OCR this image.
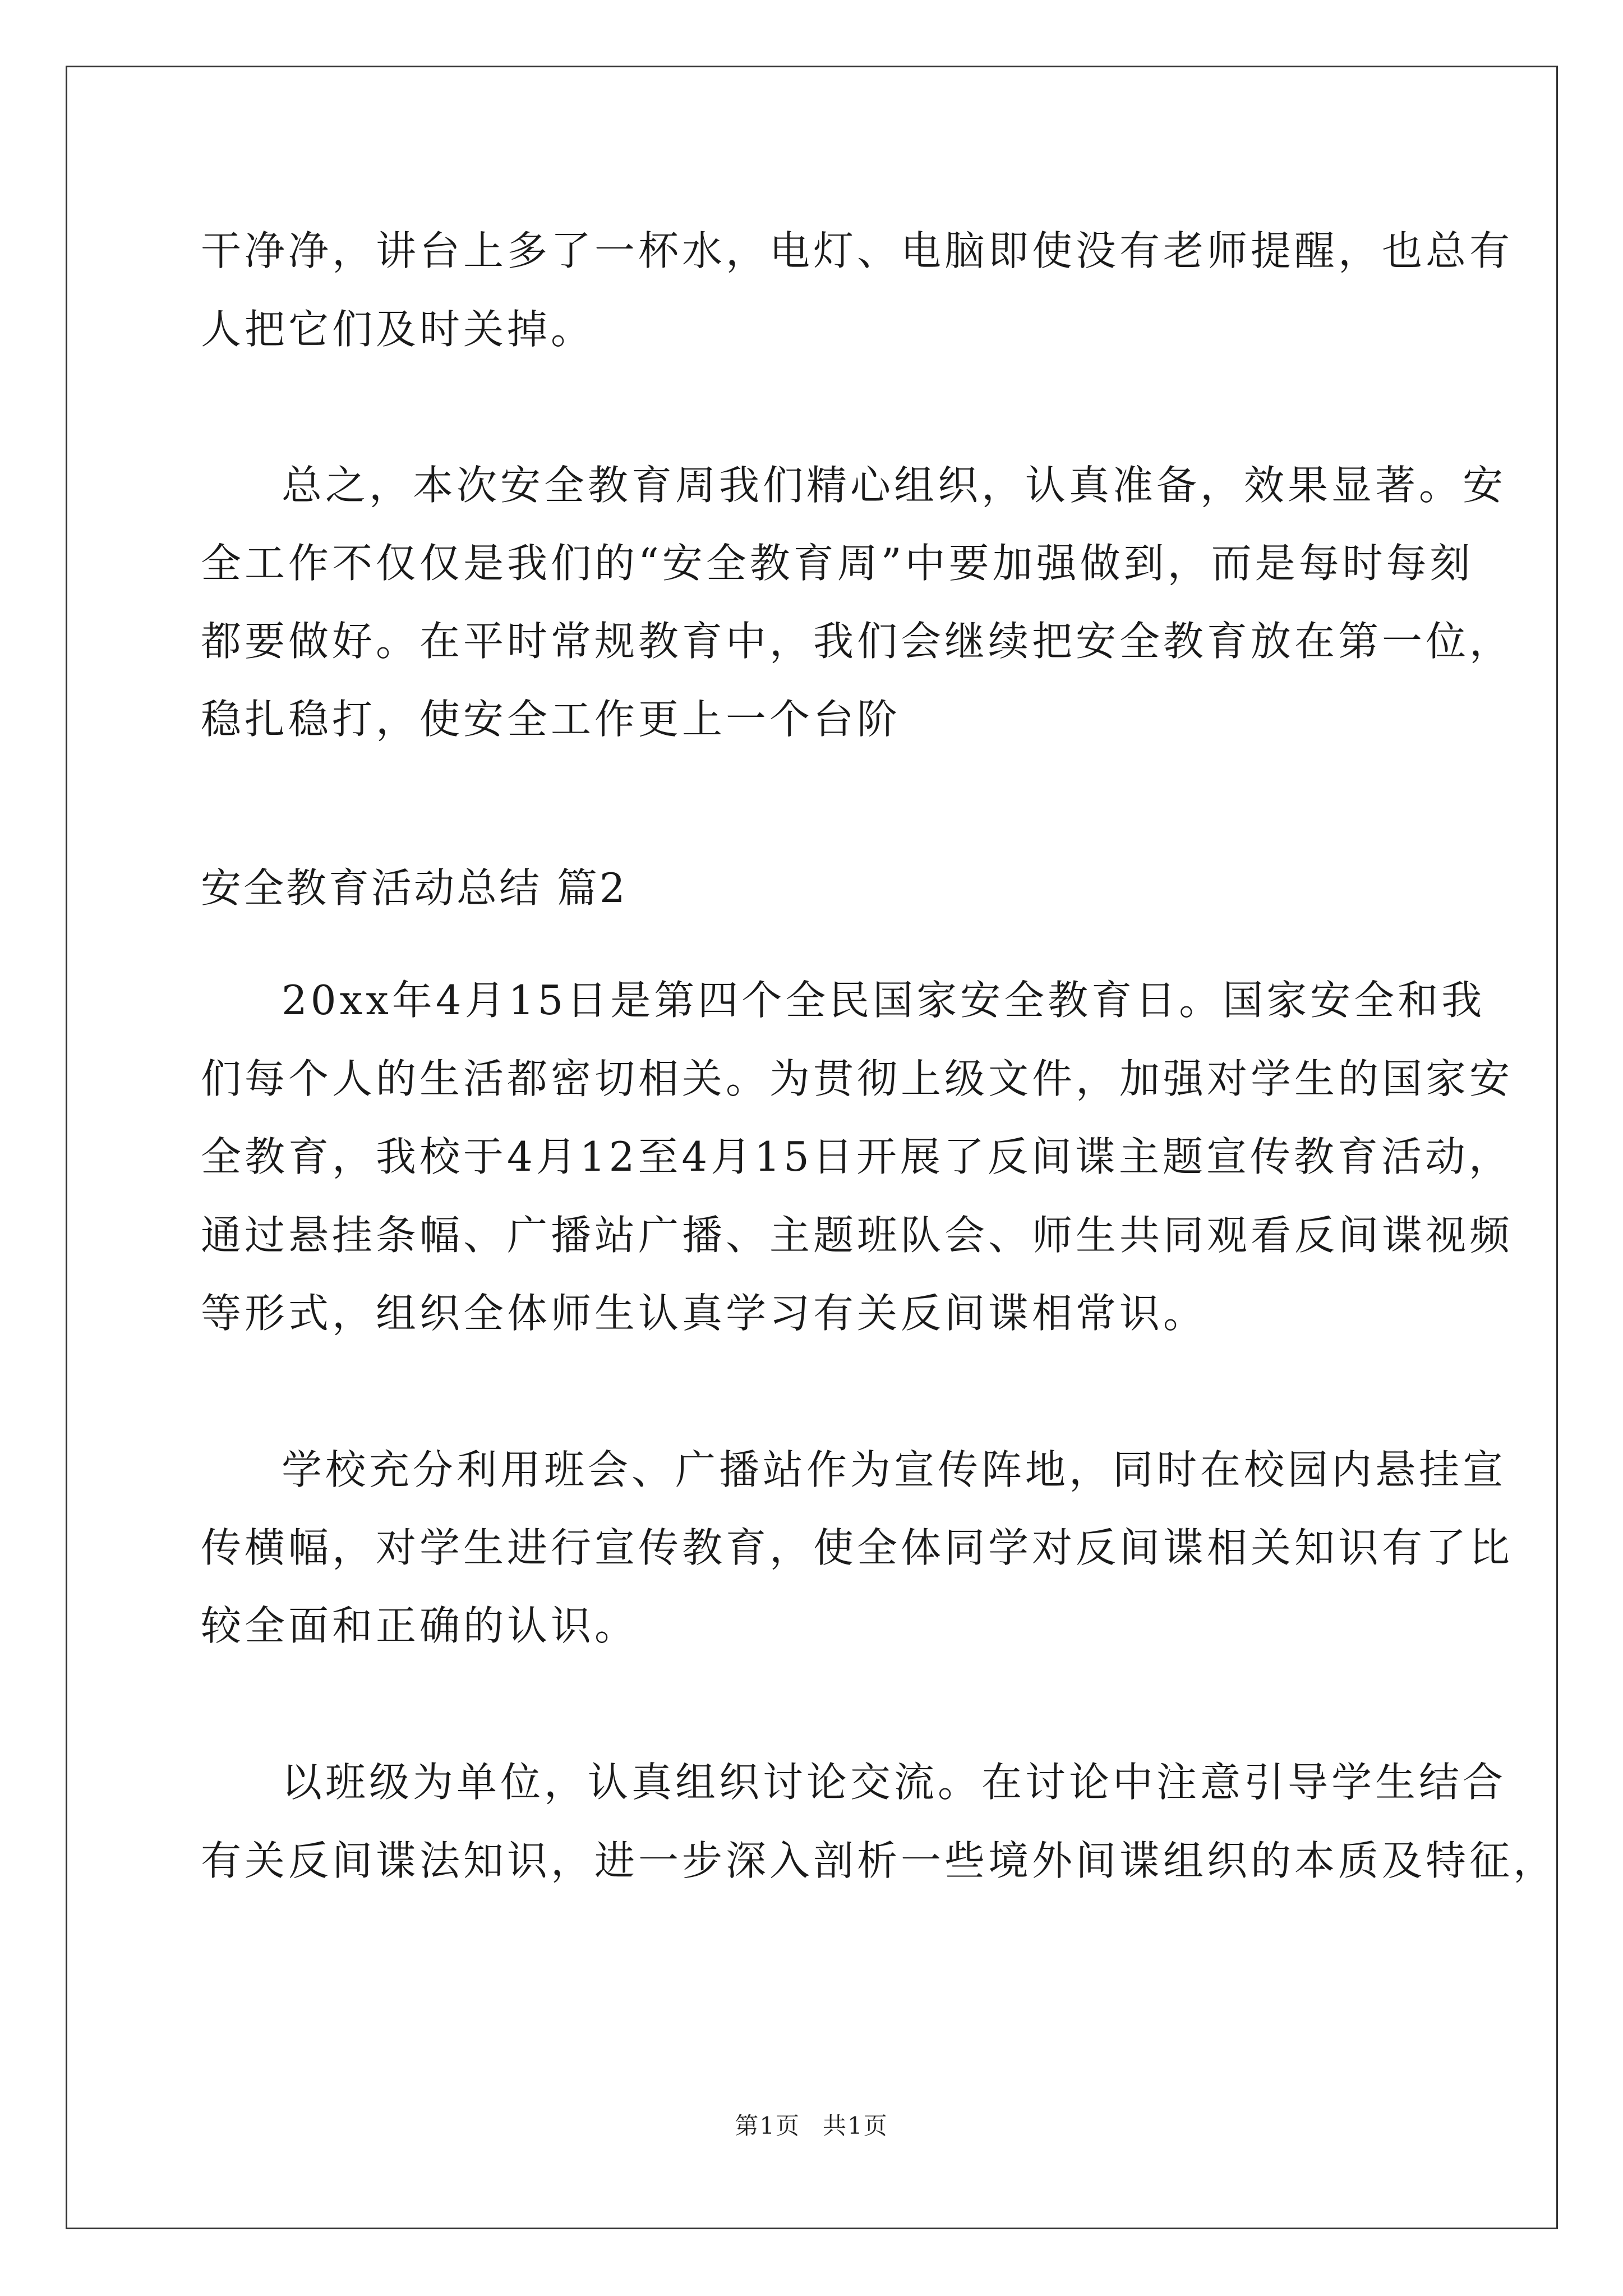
干净净，讲台上多了一杯水，电灯、电脑即使没有老师提醒，也总有
人把它们及时关掉。
总之，本次安全教育周我们精心组织，认真准备，效果显著。安
全工作不仅仅是我们的“安全教育周”中要加强做到，而是每时每刻
都要做好。在平时常规教育中，我们会继续把安全教育放在第一位，
稳扎稳打，使安全工作更上一个台阶
安全教育活动总结 篇2
20xx年4月15日是第四个全民国家安全教育日。国家安全和我
们每个人的生活都密切相关。为贯彻上级文件，加强对学生的国家安
全教育，我校于4月12至4月15日开展了反间谍主题宣传教育活动，
通过悬挂条幅、广播站广播、主题班队会、师生共同观看反间谍视频
等形式，组织全体师生认真学习有关反间谍相常识。
学校充分利用班会、广播站作为宣传阵地，同时在校园内悬挂宣
传横幅，对学生进行宣传教育，使全体同学对反间谍相关知识有了比
较全面和正确的认识。
以班级为单位，认真组织讨论交流。在讨论中注意引导学生结合
有关反间谍法知识，进一步深入剖析一些境外间谍组织的本质及特征，
第1页 共1页
